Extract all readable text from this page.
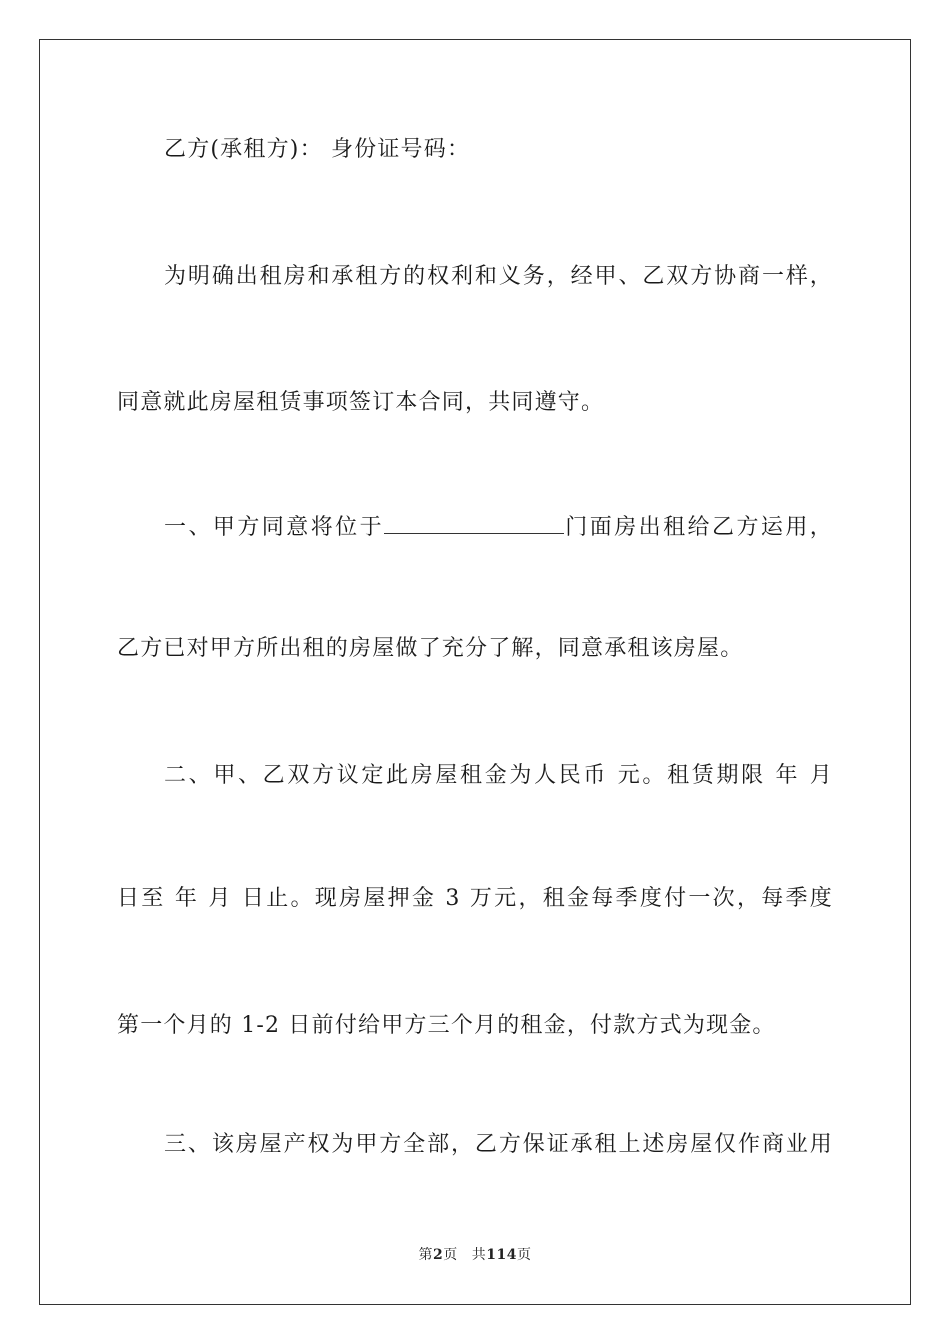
乙方(承租方)： 身份证号码：
为明确出租房和承租方的权利和义务，经甲、乙双方协商一样，
同意就此房屋租赁事项签订本合同，共同遵守。
一、甲方同意将位于	门面房出租给乙方运用，
乙方已对甲方所出租的房屋做了充分了解，同意承租该房屋。
二、甲、乙双方议定此房屋租金为人民币 元。租赁期限 年 月
日至 年 月 日止。现房屋押金 3 万元，租金每季度付一次，每季度
第一个月的 1-2 日前付给甲方三个月的租金，付款方式为现金。
三、该房屋产权为甲方全部，乙方保证承租上述房屋仅作商业用
第2页 共114页
